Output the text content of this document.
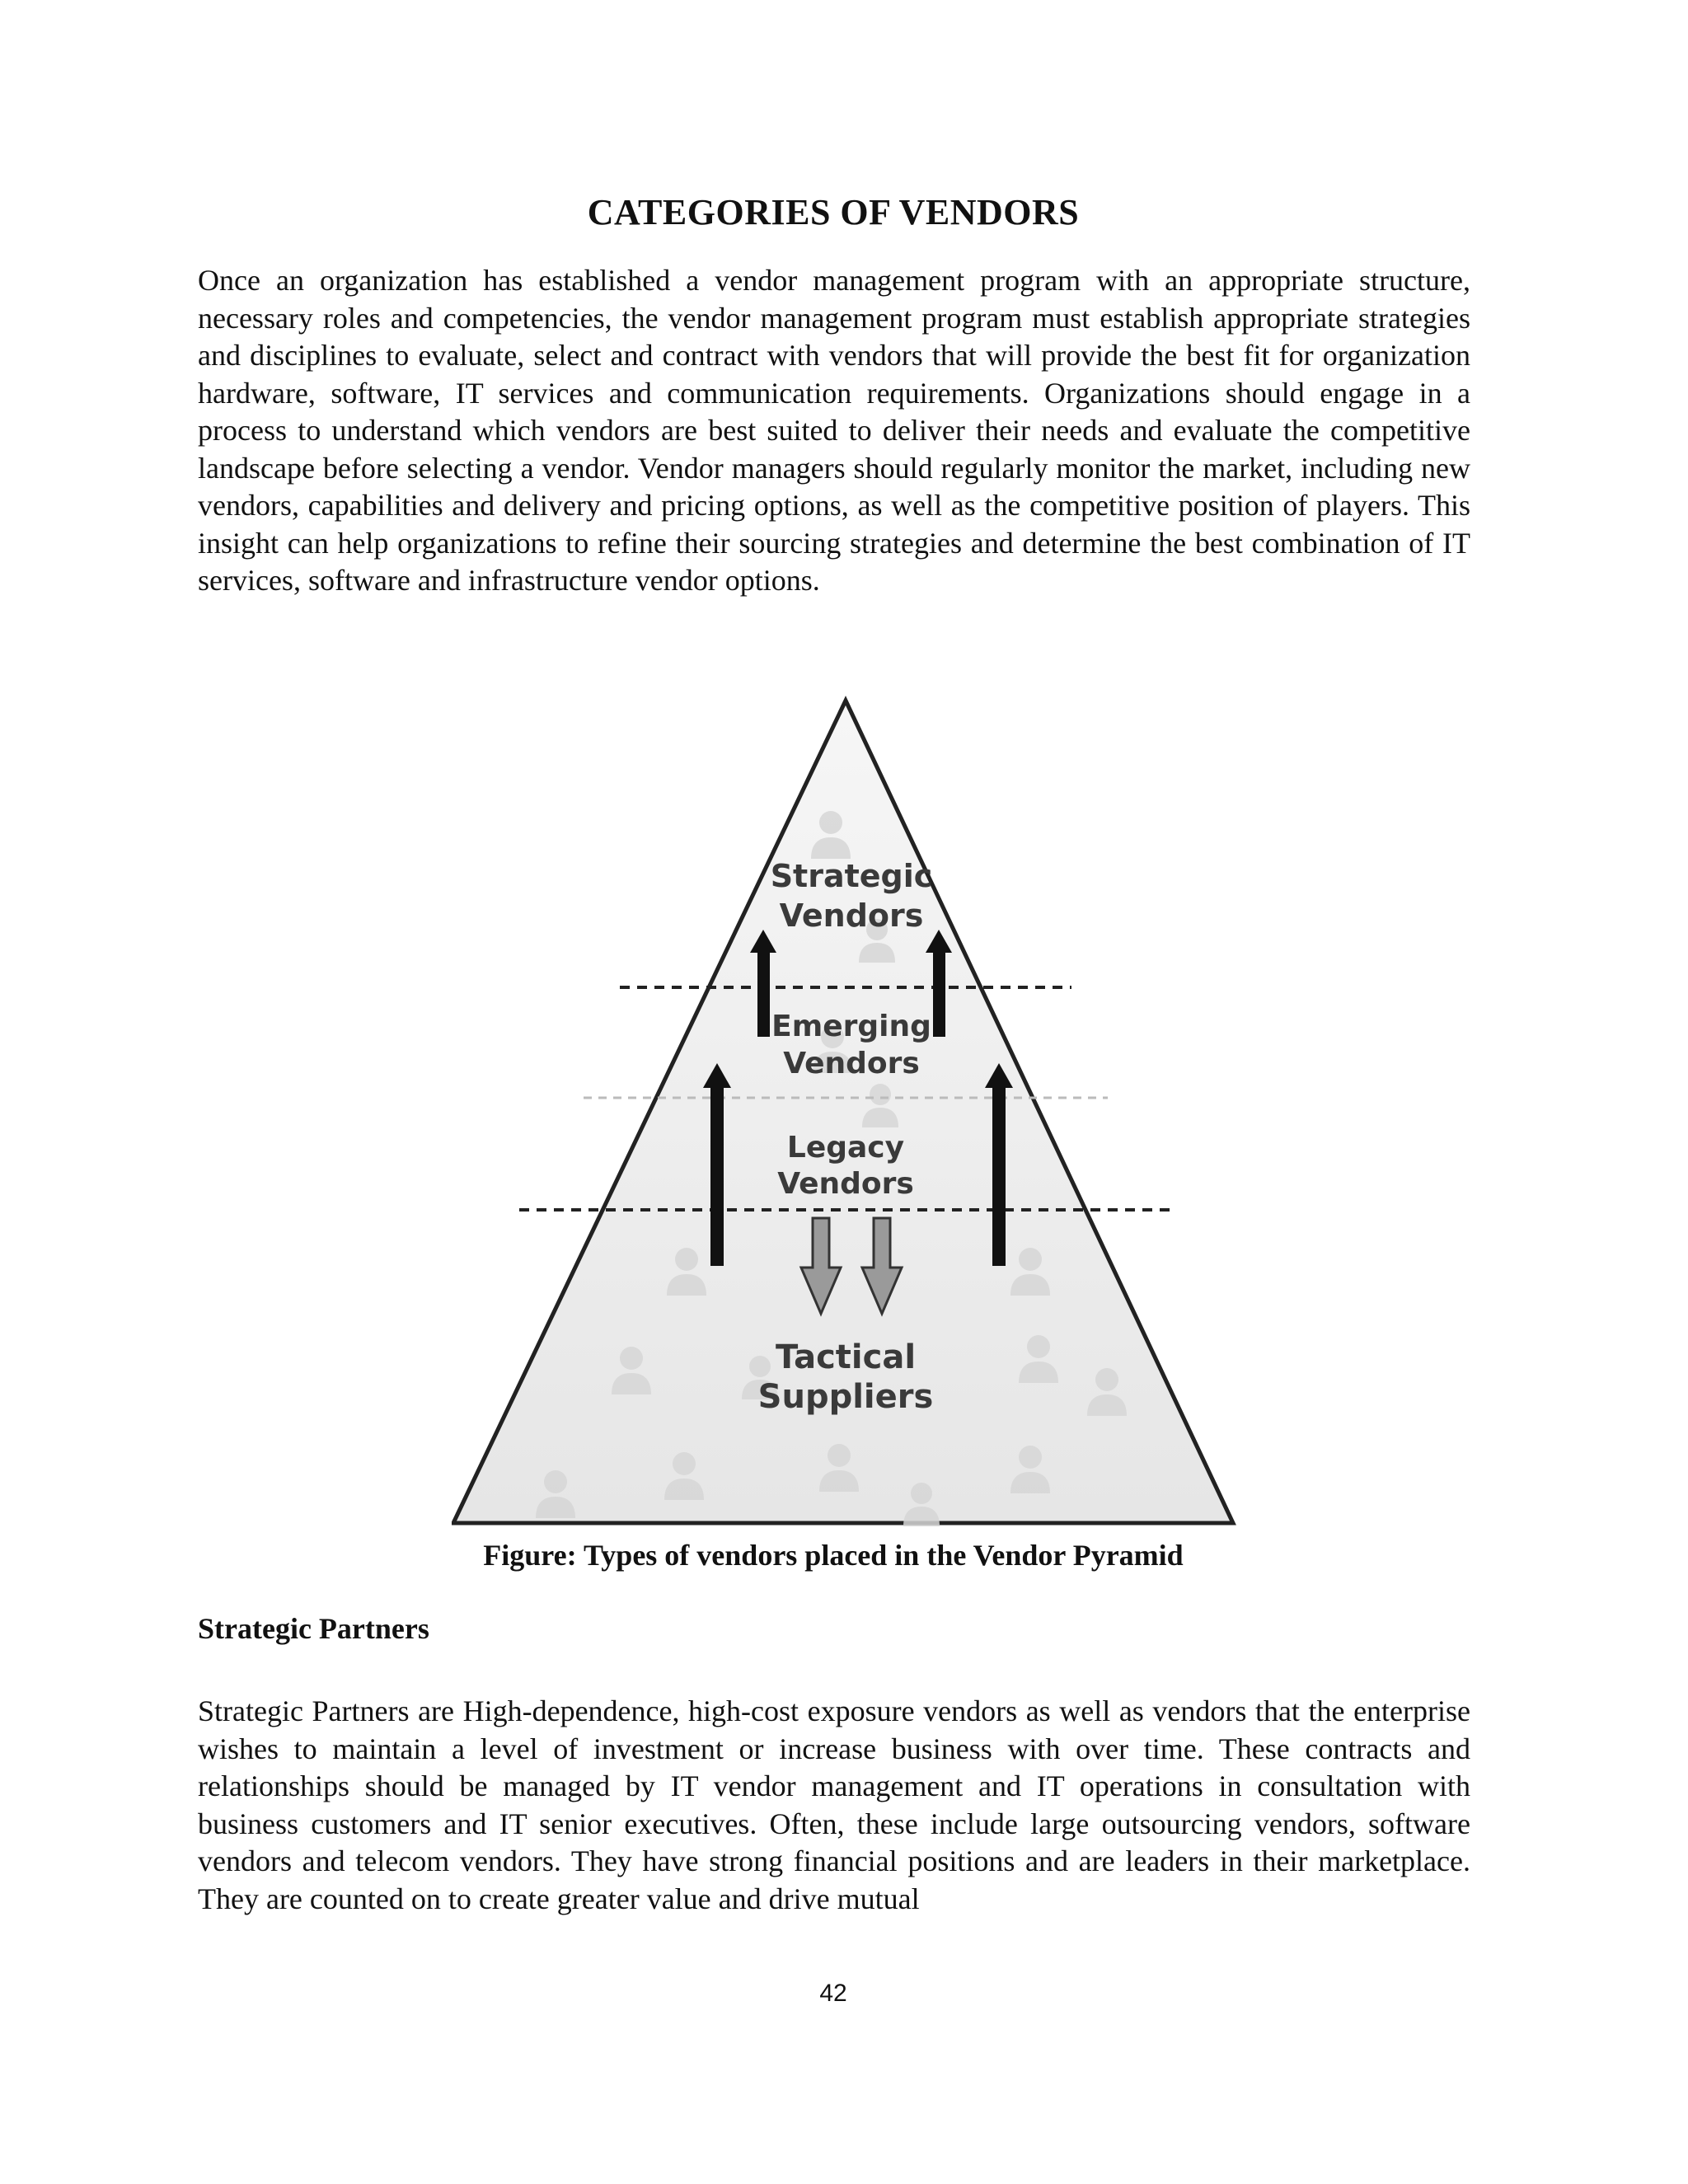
CATEGORIES OF VENDORS

Once an organization has established a vendor management program with an appropriate structure, necessary roles and competencies, the vendor management program must establish appropriate strategies and disciplines to evaluate, select and contract with vendors that will provide the best fit for organization hardware, software, IT services and communication requirements. Organizations should engage in a process to understand which vendors are best suited to deliver their needs and evaluate the competitive landscape before selecting a vendor. Vendor managers should regularly monitor the market, including new vendors, capabilities and delivery and pricing options, as well as the competitive position of players. This insight can help organizations to refine their sourcing strategies and determine the best combination of IT services, software and infrastructure vendor options.

Strategic
Vendors
Emerging
Vendors
Legacy
Vendors
Tactical
Suppliers
Figure: Types of vendors placed in the Vendor Pyramid
Strategic Partners

Strategic Partners are High-dependence, high-cost exposure vendors as well as vendors that the enterprise wishes to maintain a level of investment or increase business with over time. These contracts and relationships should be managed by IT vendor management and IT operations in consultation with business customers and IT senior executives. Often, these include large outsourcing vendors, software vendors and telecom vendors. They have strong financial positions and are leaders in their marketplace. They are counted on to create greater value and drive mutual

42
